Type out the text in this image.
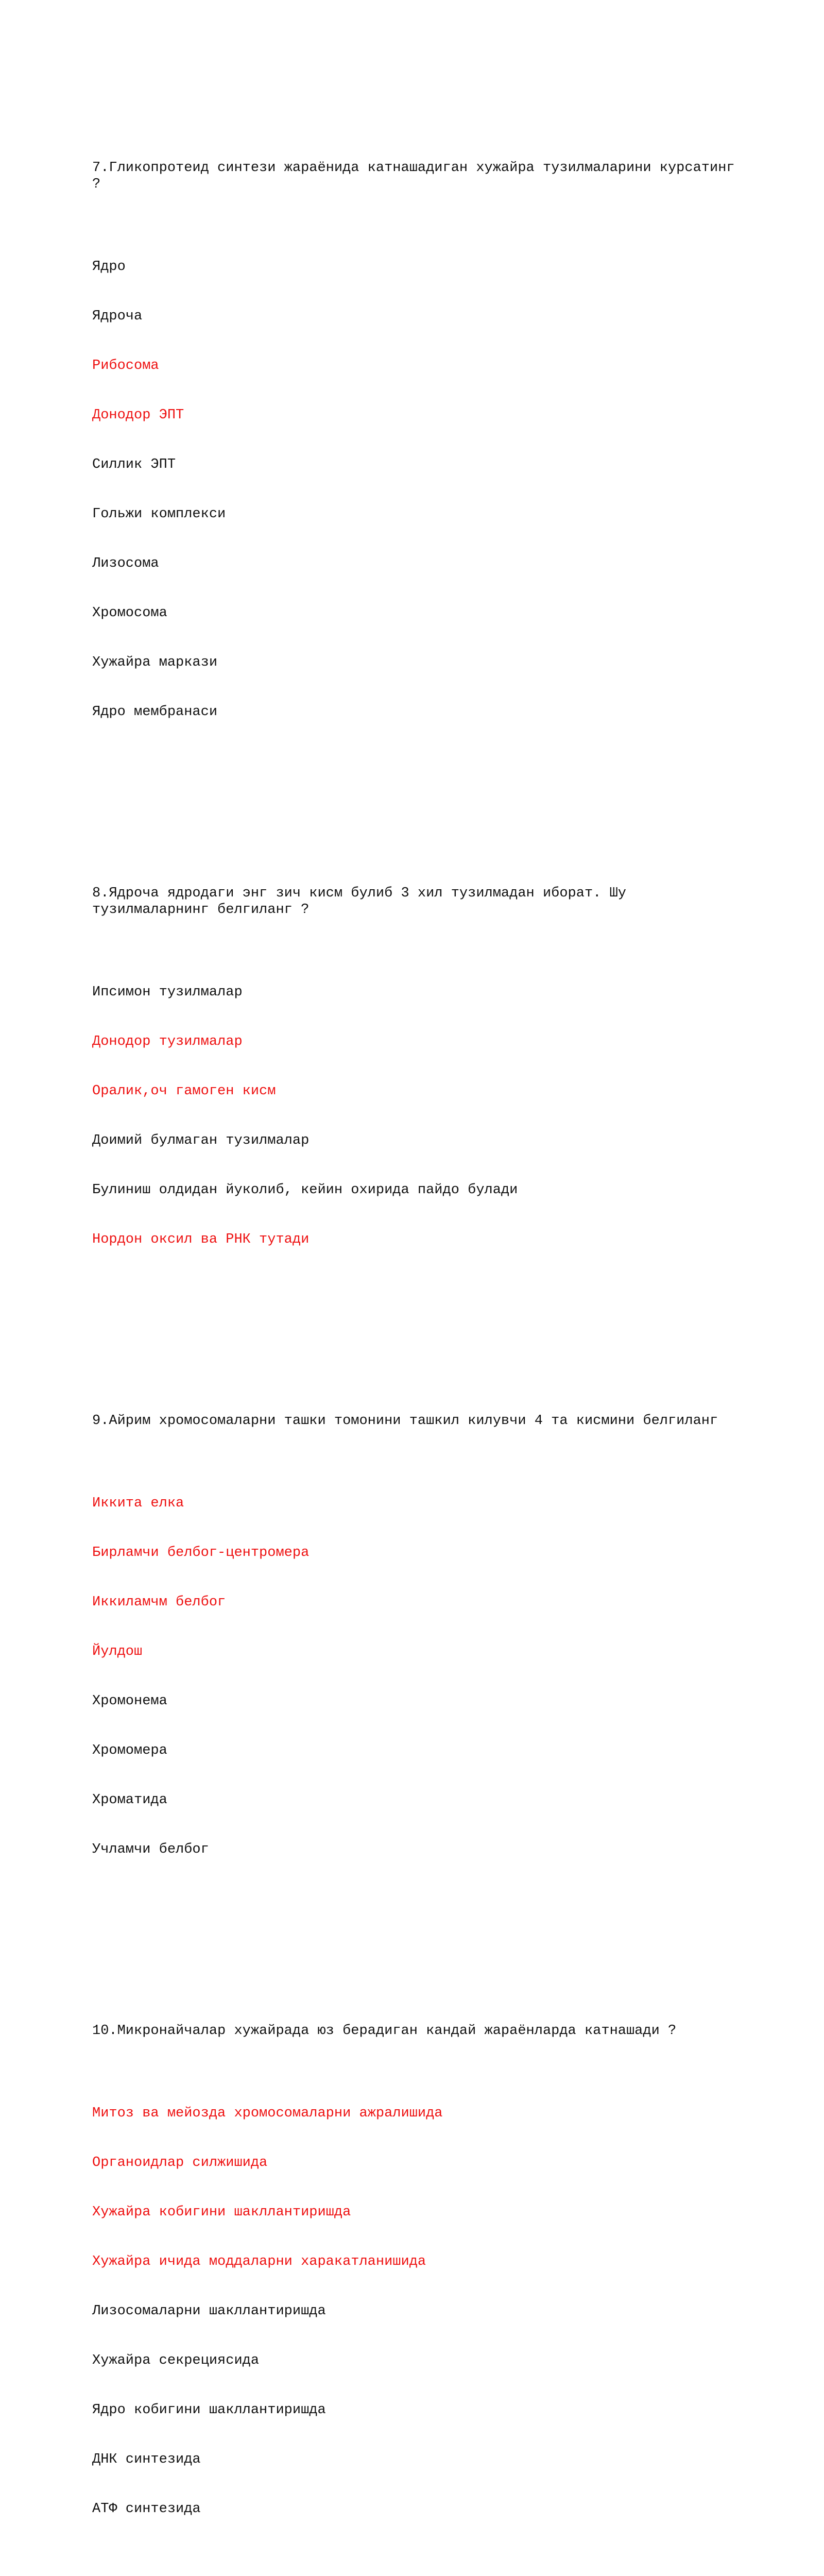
7.Гликопротеид синтези жараёнида катнашадиган хужайра тузилмаларини курсатинг ?

Ядро

Ядроча

Рибосома

Донодор ЭПТ

Силлик ЭПТ

Гольжи комплекси

Лизосома

Хромосома

Хужайра маркази

Ядро мембранаси

8.Ядроча ядродаги энг зич кисм булиб 3 хил тузилмадан иборат. Шу тузилмаларнинг белгиланг ?

Ипсимон тузилмалар

Донодор тузилмалар

Оралик,оч гамоген кисм

Доимий булмаган тузилмалар

Булиниш олдидан йуколиб, кейин охирида пайдо булади

Нордон оксил ва РНК тутади

9.Айрим хромосомаларни ташки томонини ташкил килувчи 4 та кисмини белгиланг

Иккита елка

Бирламчи белбог-центромера

Иккиламчм белбог

Йулдош

Хромонема

Хромомера

Хроматида

Учламчи белбог

10.Микронайчалар хужайрада юз берадиган кандай жараёнларда катнашади ?

Митоз ва мейозда хромосомаларни ажралишида

Органоидлар силжишида

Хужайра кобигини шакллантиришда

Хужайра ичида моддаларни харакатланишида

Лизосомаларни шакллантиришда

Хужайра секрециясида

Ядро кобигини шакллантиришда

ДНК синтезида

АТФ синтезида
